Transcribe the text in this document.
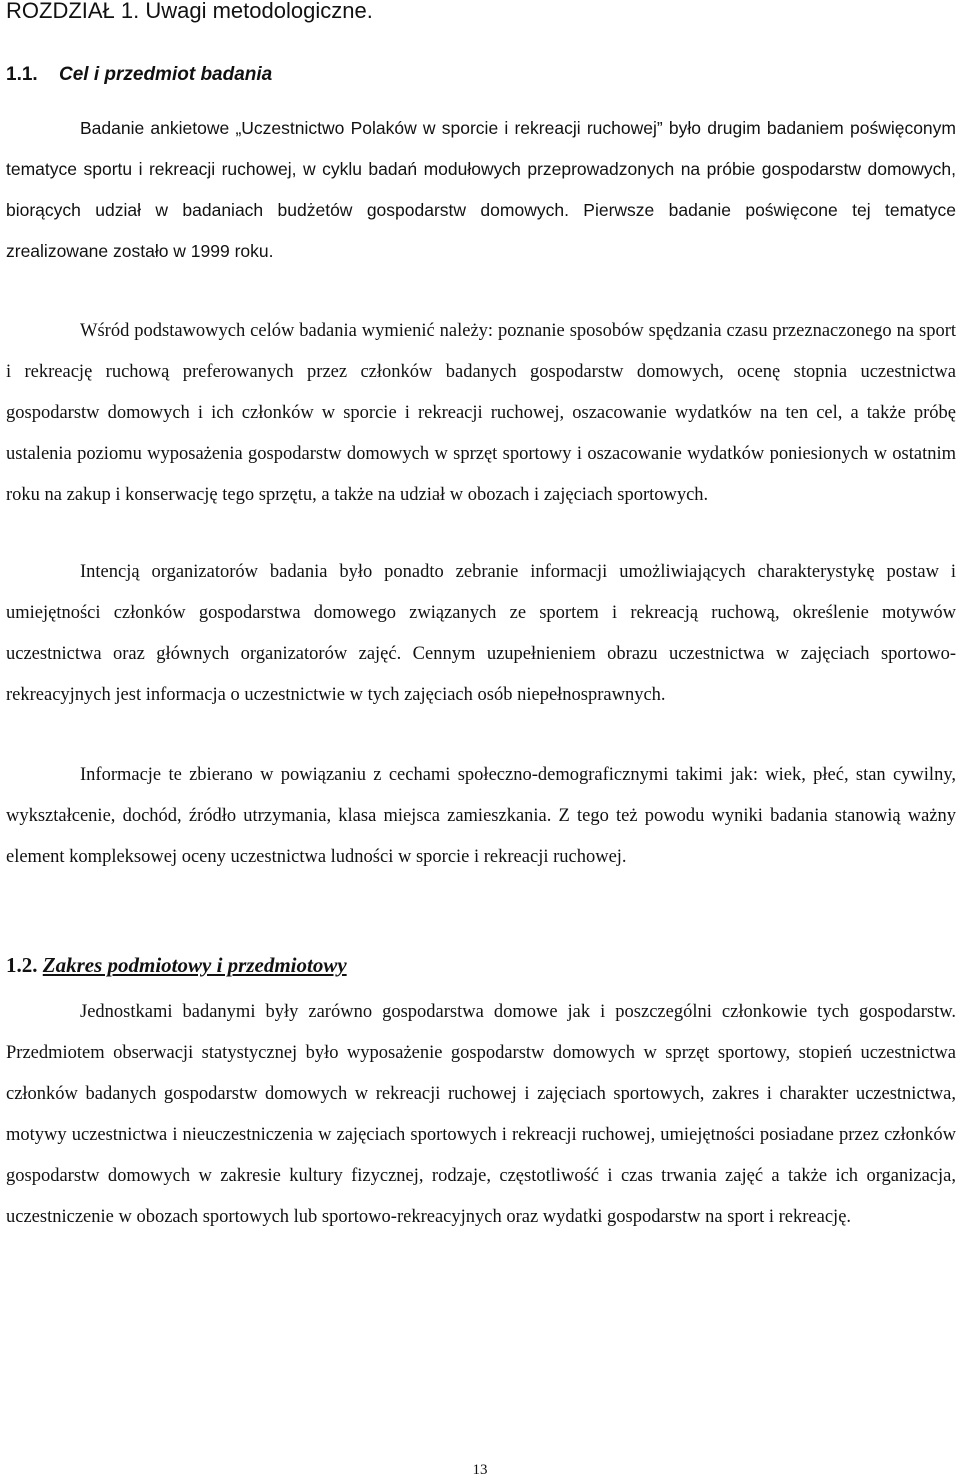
ROZDZIAŁ 1. Uwagi metodologiczne.
1.1. Cel i przedmiot badania

Badanie ankietowe „Uczestnictwo Polaków w sporcie i rekreacji ruchowej” było drugim badaniem poświęconym tematyce sportu i rekreacji ruchowej, w cyklu badań modułowych przeprowadzonych na próbie gospodarstw domowych, biorących udział w badaniach budżetów gospodarstw domowych. Pierwsze badanie poświęcone tej tematyce zrealizowane zostało w 1999 roku.

Wśród podstawowych celów badania wymienić należy: poznanie sposobów spędzania czasu przeznaczonego na sport i rekreację ruchową preferowanych przez członków badanych gospodarstw domowych, ocenę stopnia uczestnictwa gospodarstw domowych i ich członków w sporcie i rekreacji ruchowej, oszacowanie wydatków na ten cel, a także próbę ustalenia poziomu wyposażenia gospodarstw domowych w sprzęt sportowy i oszacowanie wydatków poniesionych w ostatnim roku na zakup i konserwację tego sprzętu, a także na udział w obozach i zajęciach sportowych.

Intencją organizatorów badania było ponadto zebranie informacji umożliwiających charakterystykę postaw i umiejętności członków gospodarstwa domowego związanych ze sportem i rekreacją ruchową, określenie motywów uczestnictwa oraz głównych organizatorów zajęć. Cennym uzupełnieniem obrazu uczestnictwa w zajęciach sportowo-rekreacyjnych jest informacja o uczestnictwie w tych zajęciach osób niepełnosprawnych.

Informacje te zbierano w powiązaniu z cechami społeczno-demograficznymi takimi jak: wiek, płeć, stan cywilny, wykształcenie, dochód, źródło utrzymania, klasa miejsca zamieszkania. Z tego też powodu wyniki badania stanowią ważny element kompleksowej oceny uczestnictwa ludności w sporcie i rekreacji ruchowej.

1.2. Zakres podmiotowy i przedmiotowy

Jednostkami badanymi były zarówno gospodarstwa domowe jak i poszczególni członkowie tych gospodarstw. Przedmiotem obserwacji statystycznej było wyposażenie gospodarstw domowych w sprzęt sportowy, stopień uczestnictwa członków badanych gospodarstw domowych w rekreacji ruchowej i zajęciach sportowych, zakres i charakter uczestnictwa, motywy uczestnictwa i nieuczestniczenia w zajęciach sportowych i rekreacji ruchowej, umiejętności posiadane przez członków gospodarstw domowych w zakresie kultury fizycznej, rodzaje, częstotliwość i czas trwania zajęć a także ich organizacja, uczestniczenie w obozach sportowych lub sportowo-rekreacyjnych oraz wydatki gospodarstw na sport i rekreację.

13
